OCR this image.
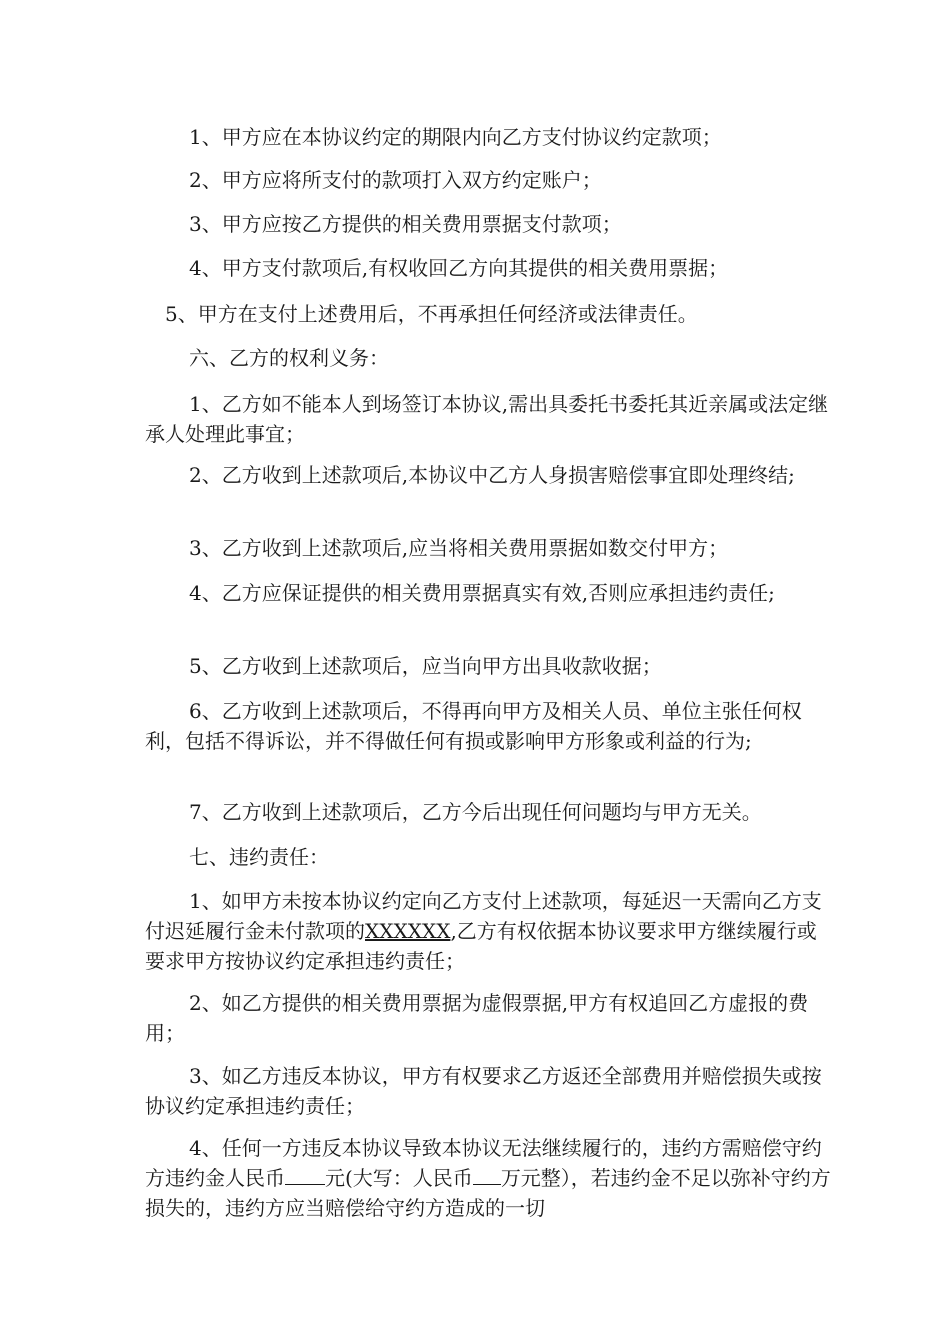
1、甲方应在本协议约定的期限内向乙方支付协议约定款项；

2、甲方应将所支付的款项打入双方约定账户；

3、甲方应按乙方提供的相关费用票据支付款项；

4、甲方支付款项后,有权收回乙方向其提供的相关费用票据；

5、甲方在支付上述费用后，不再承担任何经济或法律责任。

六、乙方的权利义务：

1、乙方如不能本人到场签订本协议,需出具委托书委托其近亲属或法定继承人处理此事宜；

2、乙方收到上述款项后,本协议中乙方人身损害赔偿事宜即处理终结;

3、乙方收到上述款项后,应当将相关费用票据如数交付甲方；

4、乙方应保证提供的相关费用票据真实有效,否则应承担违约责任;

5、乙方收到上述款项后，应当向甲方出具收款收据；

6、乙方收到上述款项后，不得再向甲方及相关人员、单位主张任何权利，包括不得诉讼，并不得做任何有损或影响甲方形象或利益的行为;

7、乙方收到上述款项后，乙方今后出现任何问题均与甲方无关。

七、违约责任：

1、如甲方未按本协议约定向乙方支付上述款项，每延迟一天需向乙方支付迟延履行金未付款项的XXXXXX,乙方有权依据本协议要求甲方继续履行或要求甲方按协议约定承担违约责任；

2、如乙方提供的相关费用票据为虚假票据,甲方有权追回乙方虚报的费用；

3、如乙方违反本协议，甲方有权要求乙方返还全部费用并赔偿损失或按协议约定承担违约责任；

4、任何一方违反本协议导致本协议无法继续履行的，违约方需赔偿守约方违约金人民币 元(大写：人民币 万元整），若违约金不足以弥补守约方损失的，违约方应当赔偿给守约方造成的一切
